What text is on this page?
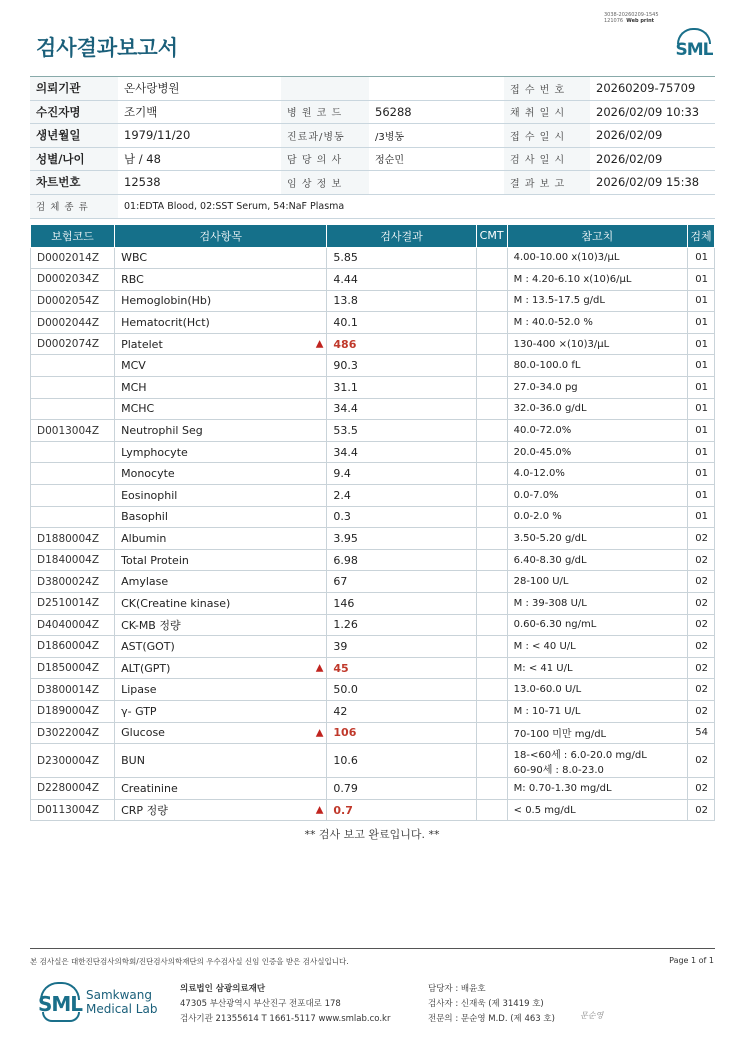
3038-20260209-1545
121076 Web print
검사결과보고서	SML
의뢰기관	온사랑병원			접 수 번 호	20260209-75709
수진자명	조기백	병 원 코 드	56288	채 취 일 시	2026/02/09 10:33
생년월일	1979/11/20	진료과/병동	/3병동	접 수 일 시	2026/02/09
성별/나이	남 / 48	담 당 의 사	정순민	검 사 일 시	2026/02/09
차트번호	12538	임 상 정 보		결 과 보 고	2026/02/09 15:38
검 체 종 류	01:EDTA Blood, 02:SST Serum, 54:NaF Plasma				
보험코드	검사항목	검사결과	CMT	참고치	검체
D0002014Z	WBC	5.85		4.00-10.00 x(10)3/μL	01
D0002034Z	RBC	4.44		M : 4.20-6.10 x(10)6/μL	01
D0002054Z	Hemoglobin(Hb)	13.8		M : 13.5-17.5 g/dL	01
D0002044Z	Hematocrit(Hct)	40.1		M : 40.0-52.0 %	01
D0002074Z	Platelet ▲	486		130-400 ×(10)3/μL	01
	MCV	90.3		80.0-100.0 fL	01
	MCH	31.1		27.0-34.0 pg	01
	MCHC	34.4		32.0-36.0 g/dL	01
D0013004Z	Neutrophil Seg	53.5		40.0-72.0%	01
	Lymphocyte	34.4		20.0-45.0%	01
	Monocyte	9.4		4.0-12.0%	01
	Eosinophil	2.4		0.0-7.0%	01
	Basophil	0.3		0.0-2.0 %	01
D1880004Z	Albumin	3.95		3.50-5.20 g/dL	02
D1840004Z	Total Protein	6.98		6.40-8.30 g/dL	02
D3800024Z	Amylase	67		28-100 U/L	02
D2510014Z	CK(Creatine kinase)	146		M : 39-308 U/L	02
D4040004Z	CK-MB 정량	1.26		0.60-6.30 ng/mL	02
D1860004Z	AST(GOT)	39		M : < 40 U/L	02
D1850004Z	ALT(GPT) ▲	45		M: < 41 U/L	02
D3800014Z	Lipase	50.0		13.0-60.0 U/L	02
D1890004Z	γ- GTP	42		M : 10-71 U/L	02
D3022004Z	Glucose ▲	106		70-100 미만 mg/dL	54
D2300004Z	BUN	10.6		18-<60세 : 6.0-20.0 mg/dL
60-90세 : 8.0-23.0	02
D2280004Z	Creatinine	0.79		M: 0.70-1.30 mg/dL	02
D0113004Z	CRP 정량 ▲	0.7		< 0.5 mg/dL	02
** 검사 보고 완료입니다. **
본 검사실은 대한진단검사의학회/진단검사의학재단의 우수검사실 신임 인증을 받은 검사실입니다.	Page 1 of 1
SML Samkwang
Medical Lab
의료법인 삼광의료재단
47305 부산광역시 부산진구 전포대로 178
검사기관 21355614 T 1661-5117 www.smlab.co.kr
담당자 : 배윤호
검사자 : 신재욱 (제 31419 호)
전문의 : 문순영 M.D. (제 463 호)	문순영
